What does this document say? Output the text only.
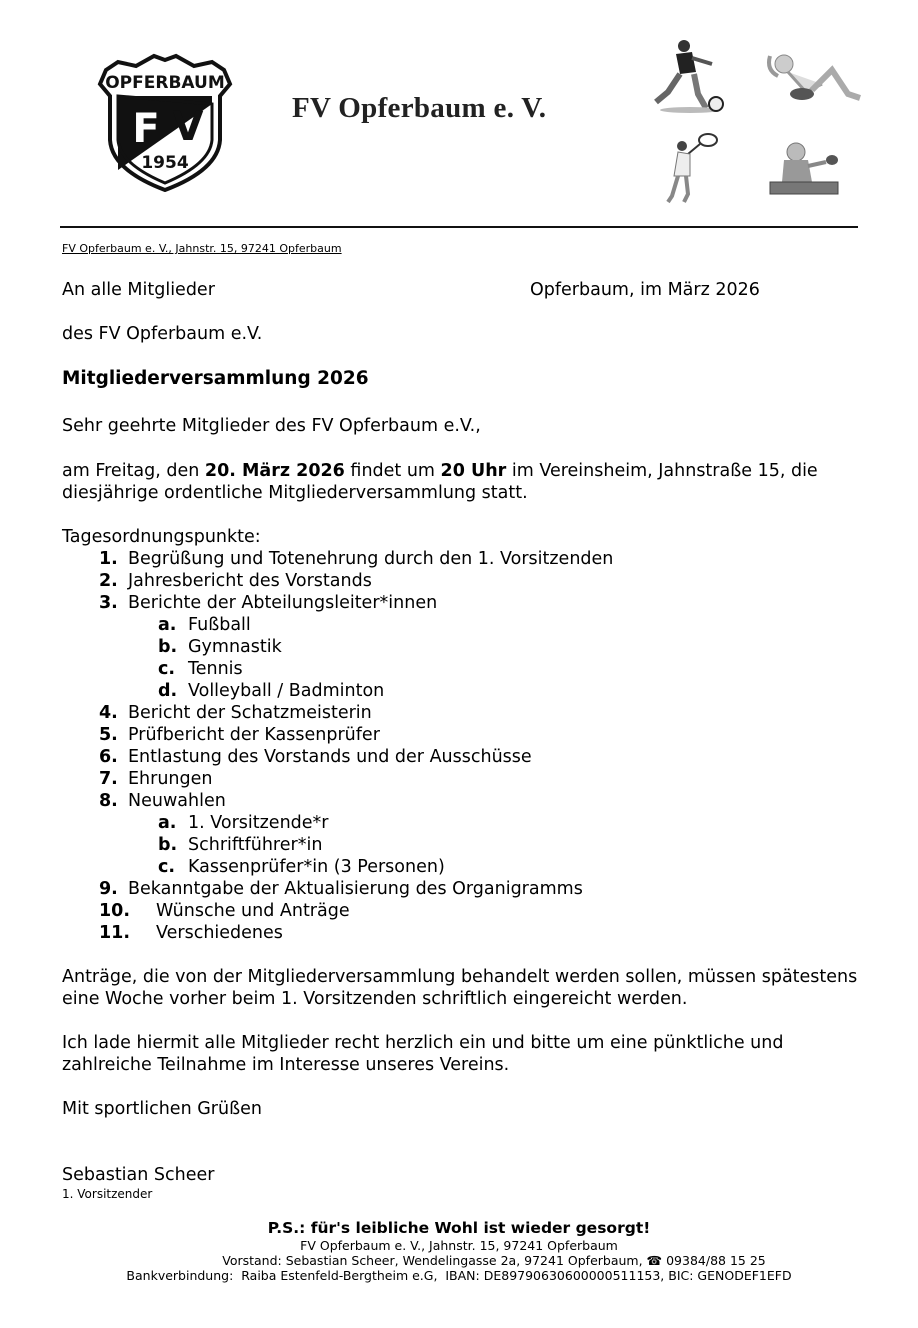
OPFERBAUM
F V
1954
FV Opferbaum e. V.
FV Opferbaum e. V., Jahnstr. 15, 97241 Opferbaum
An alle Mitglieder	Opferbaum, im März 2026
des FV Opferbaum e.V.
Mitgliederversammlung 2026
Sehr geehrte Mitglieder des FV Opferbaum e.V.,
am Freitag, den 20. März 2026 findet um 20 Uhr im Vereinsheim, Jahnstraße 15, die diesjährige ordentliche Mitgliederversammlung statt.
Tagesordnungspunkte:
1. Begrüßung und Totenehrung durch den 1. Vorsitzenden
2. Jahresbericht des Vorstands
3. Berichte der Abteilungsleiter*innen
a. Fußball
b. Gymnastik
c. Tennis
d. Volleyball / Badminton
4. Bericht der Schatzmeisterin
5. Prüfbericht der Kassenprüfer
6. Entlastung des Vorstands und der Ausschüsse
7. Ehrungen
8. Neuwahlen
a. 1. Vorsitzende*r
b. Schriftführer*in
c. Kassenprüfer*in (3 Personen)
9. Bekanntgabe der Aktualisierung des Organigramms
10. Wünsche und Anträge
11. Verschiedenes
Anträge, die von der Mitgliederversammlung behandelt werden sollen, müssen spätestens eine Woche vorher beim 1. Vorsitzenden schriftlich eingereicht werden.
Ich lade hiermit alle Mitglieder recht herzlich ein und bitte um eine pünktliche und zahlreiche Teilnahme im Interesse unseres Vereins.
Mit sportlichen Grüßen
Sebastian Scheer
1. Vorsitzender
P.S.: für's leibliche Wohl ist wieder gesorgt!
FV Opferbaum e. V., Jahnstr. 15, 97241 Opferbaum
Vorstand: Sebastian Scheer, Wendelingasse 2a, 97241 Opferbaum, ☎ 09384/88 15 25
Bankverbindung:  Raiba Estenfeld-Bergtheim e.G,  IBAN: DE89790630600000511153, BIC: GENODEF1EFD
